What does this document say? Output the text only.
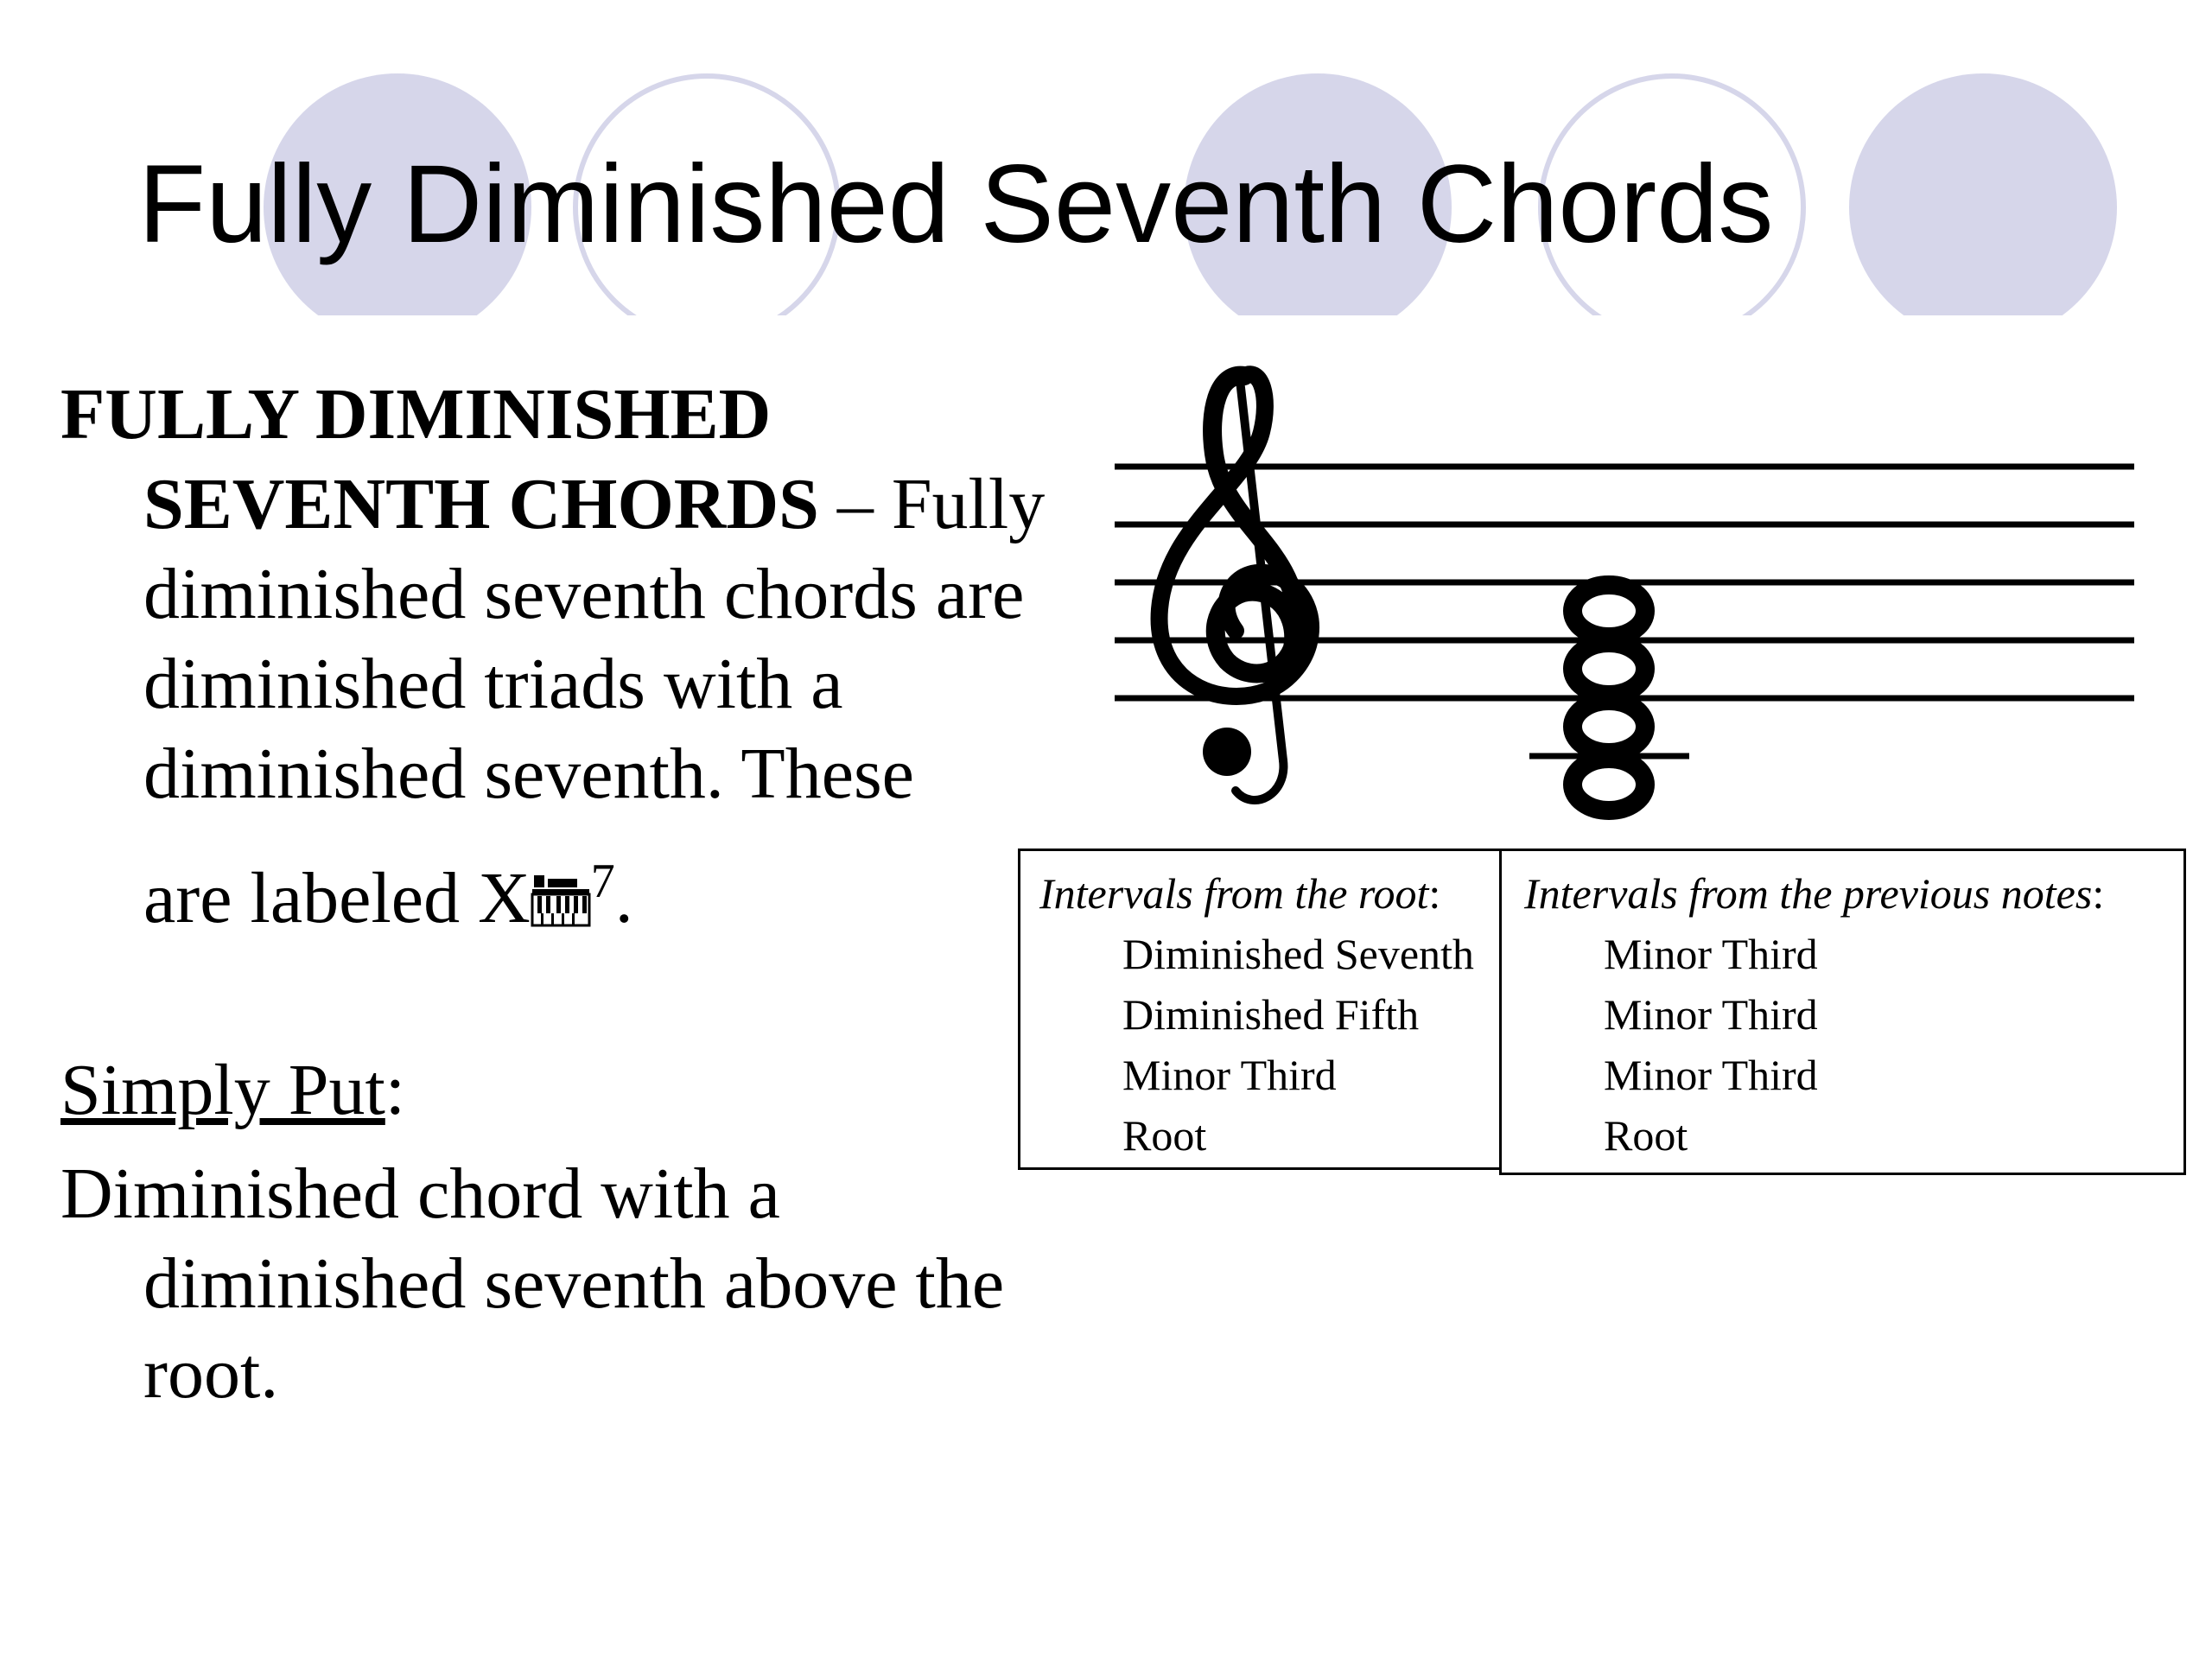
Fully Diminished Seventh Chords
FULLY DIMINISHED
SEVENTH CHORDS – Fully
diminished seventh chords are
diminished triads with a
diminished seventh. These
are labeled X $^7$.
Simply Put:
Diminished chord with a
diminished seventh above the
root.
Intervals from the root:
Diminished Seventh
Diminished Fifth
Minor Third
Root
Intervals from the previous notes:
Minor Third
Minor Third
Minor Third
Root
